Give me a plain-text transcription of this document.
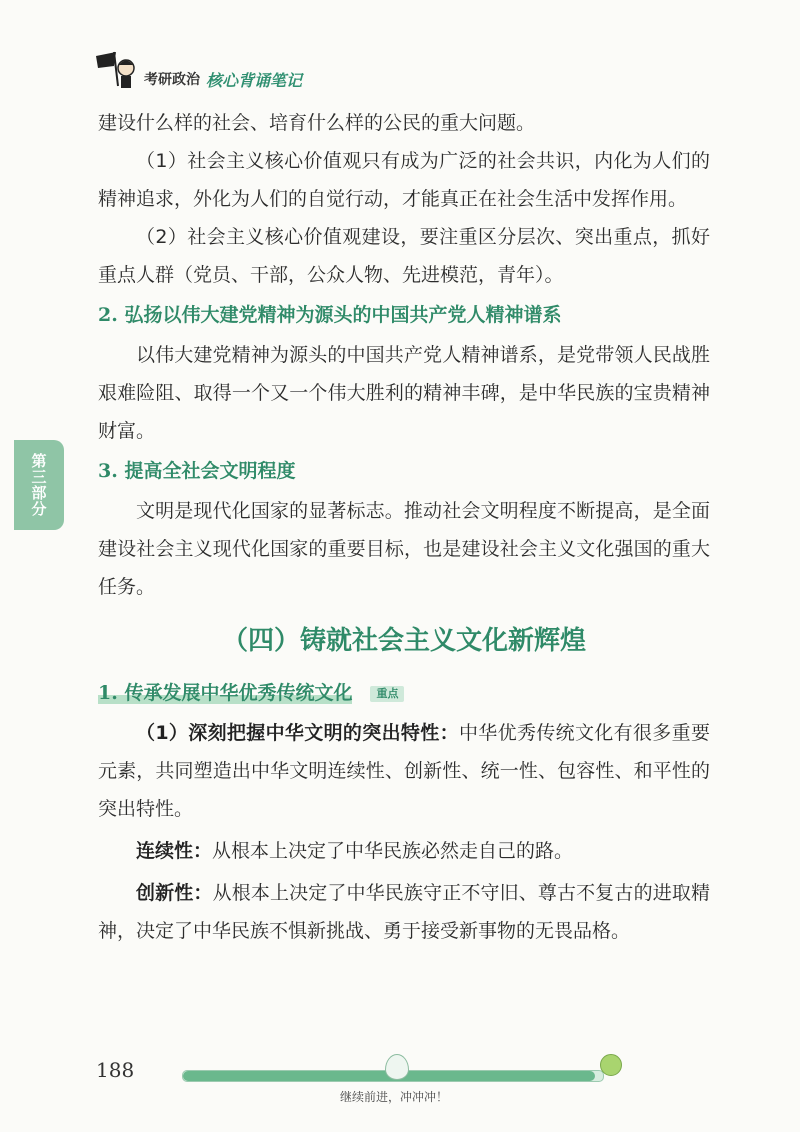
考研政治 核心背诵笔记
第三部分

建设什么样的社会、培育什么样的公民的重大问题。

（1）社会主义核心价值观只有成为广泛的社会共识，内化为人们的精神追求，外化为人们的自觉行动，才能真正在社会生活中发挥作用。

（2）社会主义核心价值观建设，要注重区分层次、突出重点，抓好重点人群（党员、干部，公众人物、先进模范，青年）。

2. 弘扬以伟大建党精神为源头的中国共产党人精神谱系

以伟大建党精神为源头的中国共产党人精神谱系，是党带领人民战胜艰难险阻、取得一个又一个伟大胜利的精神丰碑，是中华民族的宝贵精神财富。

3. 提高全社会文明程度

文明是现代化国家的显著标志。推动社会文明程度不断提高，是全面建设社会主义现代化国家的重要目标，也是建设社会主义文化强国的重大任务。

（四）铸就社会主义文化新辉煌
1. 传承发展中华优秀传统文化 重点

（1）深刻把握中华文明的突出特性：中华优秀传统文化有很多重要元素，共同塑造出中华文明连续性、创新性、统一性、包容性、和平性的突出特性。

连续性：从根本上决定了中华民族必然走自己的路。

创新性：从根本上决定了中华民族守正不守旧、尊古不复古的进取精神，决定了中华民族不惧新挑战、勇于接受新事物的无畏品格。

188
继续前进，冲冲冲！
